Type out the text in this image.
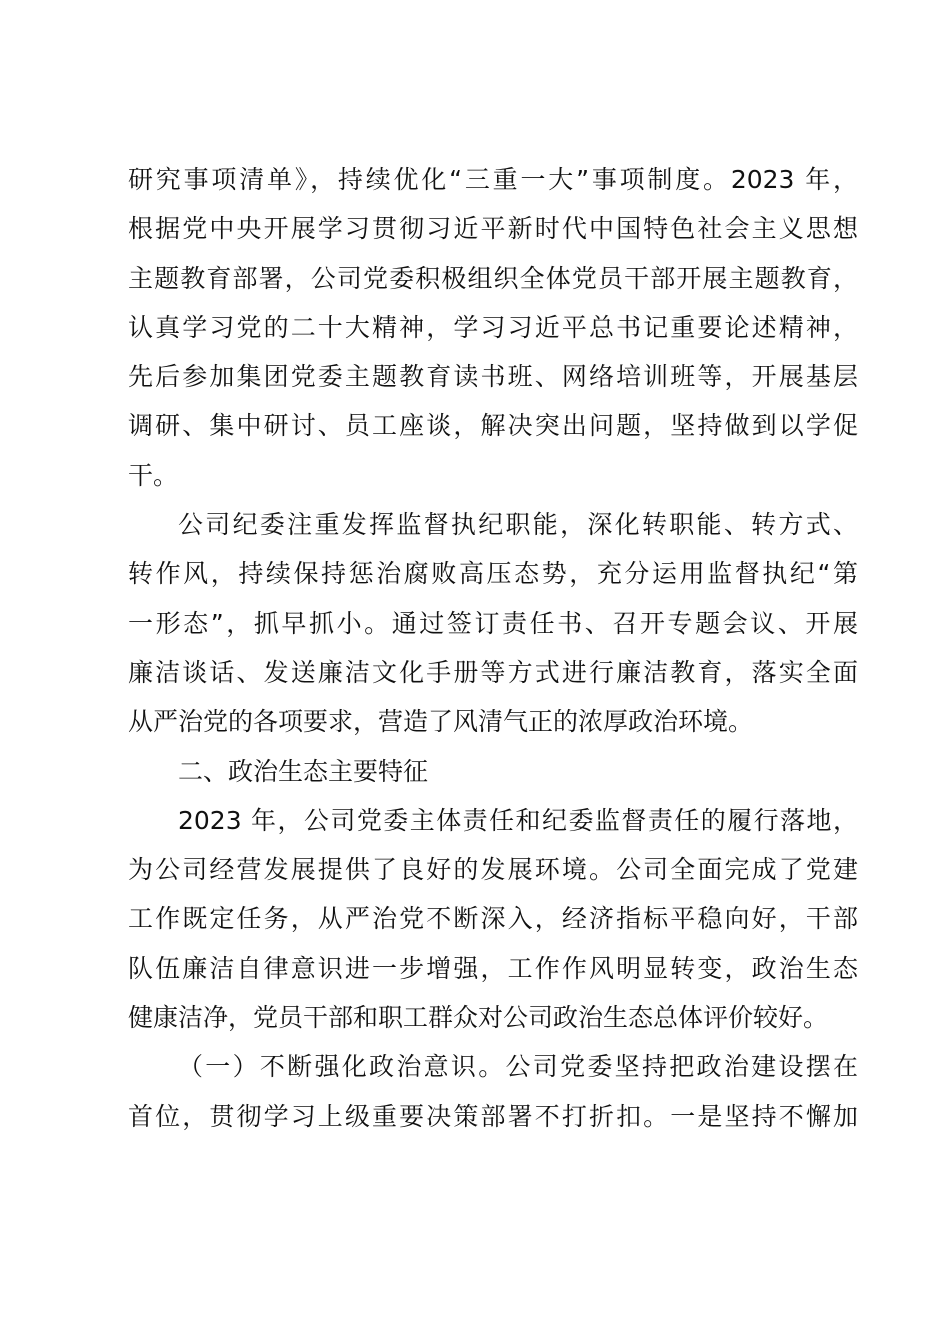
研究事项清单》，持续优化“三重一大”事项制度。2023 年，
根据党中央开展学习贯彻习近平新时代中国特色社会主义思想
主题教育部署，公司党委积极组织全体党员干部开展主题教育，
认真学习党的二十大精神，学习习近平总书记重要论述精神，
先后参加集团党委主题教育读书班、网络培训班等，开展基层
调研、集中研讨、员工座谈，解决突出问题，坚持做到以学促
干。
公司纪委注重发挥监督执纪职能，深化转职能、转方式、
转作风，持续保持惩治腐败高压态势，充分运用监督执纪“第
一形态”，抓早抓小。通过签订责任书、召开专题会议、开展
廉洁谈话、发送廉洁文化手册等方式进行廉洁教育，落实全面
从严治党的各项要求，营造了风清气正的浓厚政治环境。
二、政治生态主要特征
2023 年，公司党委主体责任和纪委监督责任的履行落地，
为公司经营发展提供了良好的发展环境。公司全面完成了党建
工作既定任务，从严治党不断深入，经济指标平稳向好，干部
队伍廉洁自律意识进一步增强，工作作风明显转变，政治生态
健康洁净，党员干部和职工群众对公司政治生态总体评价较好。
（一）不断强化政治意识。公司党委坚持把政治建设摆在
首位，贯彻学习上级重要决策部署不打折扣。一是坚持不懈加
